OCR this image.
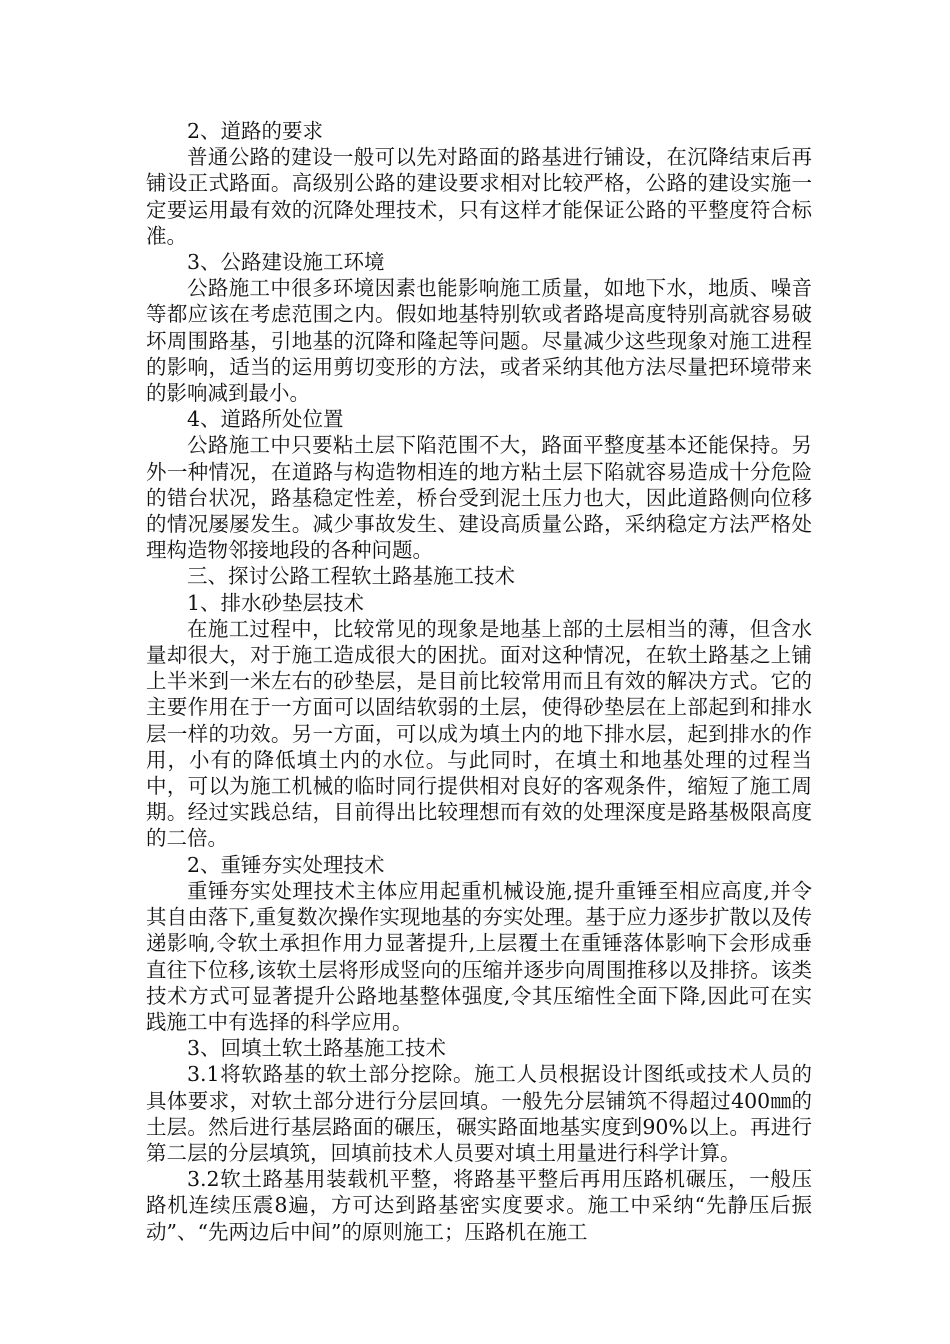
2、道路的要求

普通公路的建设一般可以先对路面的路基进行铺设，在沉降结束后再铺设正式路面。高级别公路的建设要求相对比较严格，公路的建设实施一定要运用最有效的沉降处理技术，只有这样才能保证公路的平整度符合标准。

3、公路建设施工环境

公路施工中很多环境因素也能影响施工质量，如地下水，地质、噪音等都应该在考虑范围之内。假如地基特别软或者路堤高度特别高就容易破坏周围路基，引地基的沉降和隆起等问题。尽量减少这些现象对施工进程的影响，适当的运用剪切变形的方法，或者采纳其他方法尽量把环境带来的影响减到最小。

4、道路所处位置

公路施工中只要粘土层下陷范围不大，路面平整度基本还能保持。另外一种情况，在道路与构造物相连的地方粘土层下陷就容易造成十分危险的错台状况，路基稳定性差，桥台受到泥土压力也大，因此道路侧向位移的情况屡屡发生。减少事故发生、建设高质量公路，采纳稳定方法严格处理构造物邻接地段的各种问题。

三、探讨公路工程软土路基施工技术

1、排水砂垫层技术

在施工过程中，比较常见的现象是地基上部的土层相当的薄，但含水量却很大，对于施工造成很大的困扰。面对这种情况，在软土路基之上铺上半米到一米左右的砂垫层，是目前比较常用而且有效的解决方式。它的主要作用在于一方面可以固结软弱的土层，使得砂垫层在上部起到和排水层一样的功效。另一方面，可以成为填土内的地下排水层，起到排水的作用，小有的降低填土内的水位。与此同时，在填土和地基处理的过程当中，可以为施工机械的临时同行提供相对良好的客观条件，缩短了施工周期。经过实践总结，目前得出比较理想而有效的处理深度是路基极限高度的二倍。

2、重锤夯实处理技术

重锤夯实处理技术主体应用起重机械设施,提升重锤至相应高度,并令其自由落下,重复数次操作实现地基的夯实处理。基于应力逐步扩散以及传递影响,令软土承担作用力显著提升,上层覆土在重锤落体影响下会形成垂直往下位移,该软土层将形成竖向的压缩并逐步向周围推移以及排挤。该类技术方式可显著提升公路地基整体强度,令其压缩性全面下降,因此可在实践施工中有选择的科学应用。

3、回填土软土路基施工技术

3.1将软路基的软土部分挖除。施工人员根据设计图纸或技术人员的具体要求，对软土部分进行分层回填。一般先分层铺筑不得超过400㎜的土层。然后进行基层路面的碾压，碾实路面地基实度到90%以上。再进行第二层的分层填筑，回填前技术人员要对填土用量进行科学计算。

3.2软土路基用装载机平整，将路基平整后再用压路机碾压，一般压路机连续压震8遍，方可达到路基密实度要求。施工中采纳“先静压后振动”、“先两边后中间”的原则施工；压路机在施工
